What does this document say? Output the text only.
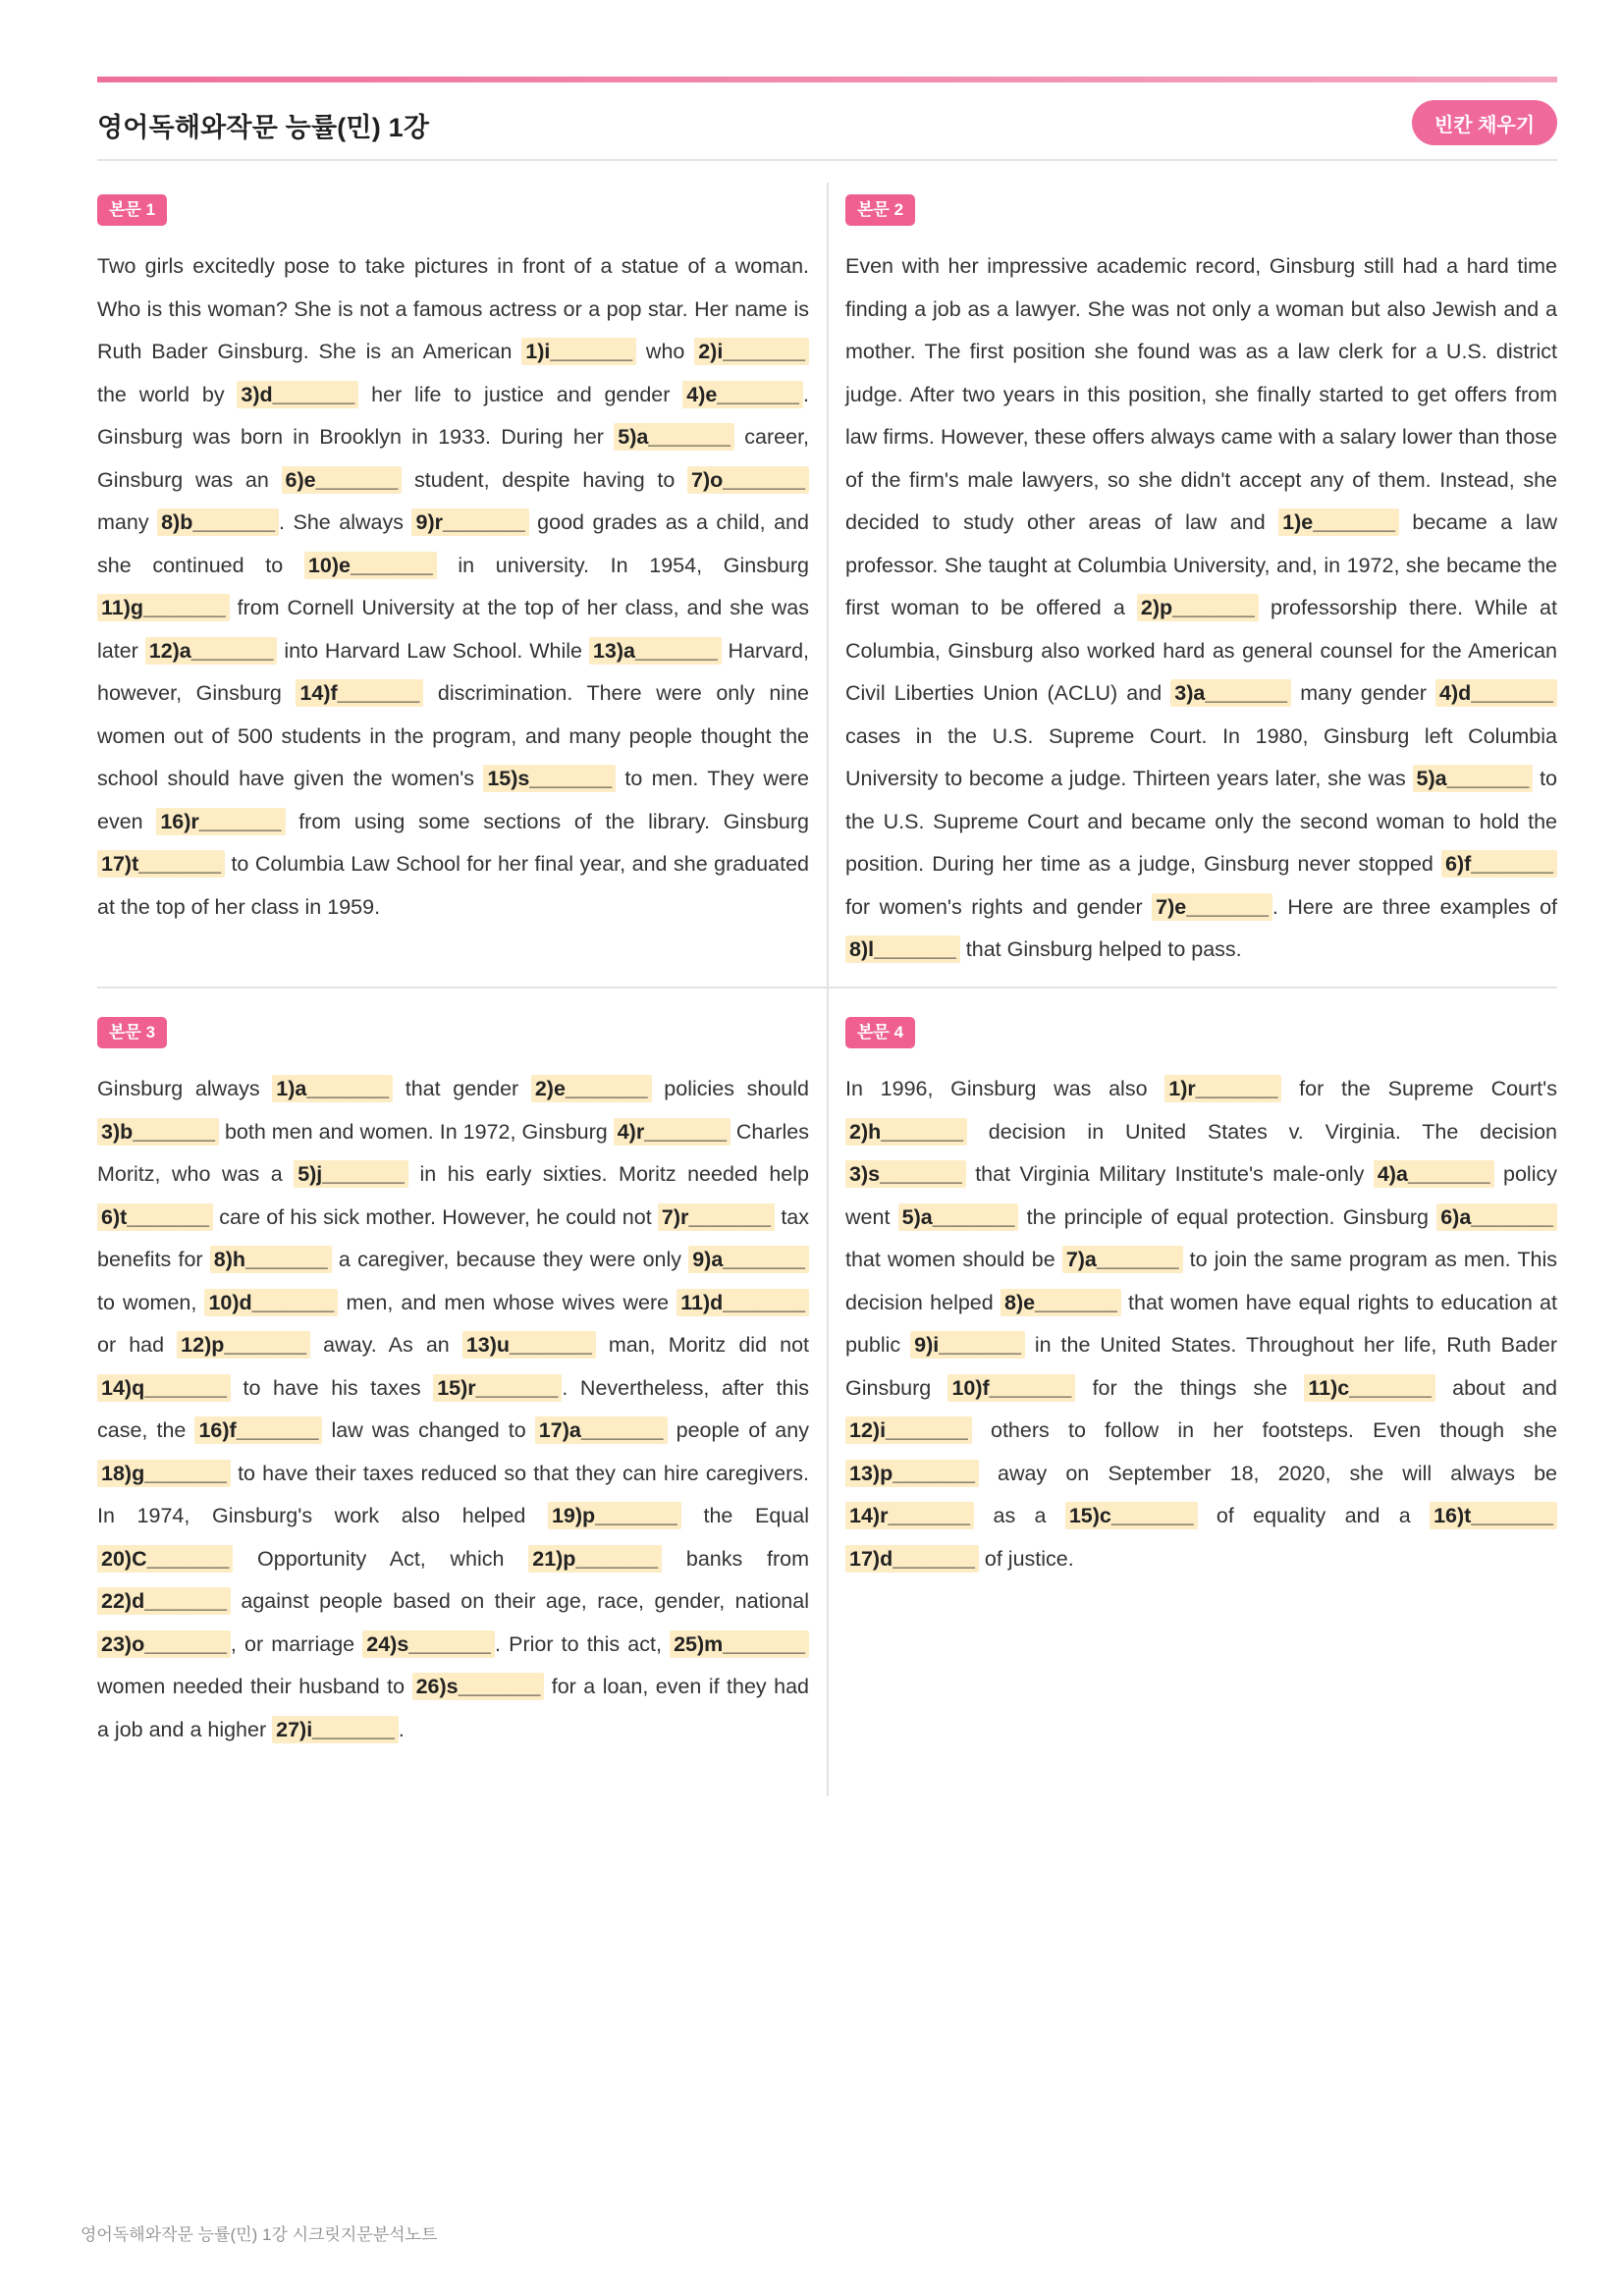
영어독해와작문 능률(민) 1강	빈칸 채우기
본문 1
Two girls excitedly pose to take pictures in front of a statue of a woman. Who is this woman? She is not a famous actress or a pop star. Her name is Ruth Bader Ginsburg. She is an American 1)i_______ who 2)i_______ the world by 3)d_______ her life to justice and gender 4)e_______ . Ginsburg was born in Brooklyn in 1933. During her 5)a_______ career, Ginsburg was an 6)e_______ student, despite having to 7)o_______ many 8)b_______ . She always 9)r_______ good grades as a child, and she continued to 10)e_______ in university. In 1954, Ginsburg 11)g_______ from Cornell University at the top of her class, and she was later 12)a_______ into Harvard Law School. While 13)a_______ Harvard, however, Ginsburg 14)f_______ discrimination. There were only nine women out of 500 students in the program, and many people thought the school should have given the women's 15)s_______ to men. They were even 16)r_______ from using some sections of the library. Ginsburg 17)t_______ to Columbia Law School for her final year, and she graduated at the top of her class in 1959.
본문 2
Even with her impressive academic record, Ginsburg still had a hard time finding a job as a lawyer. She was not only a woman but also Jewish and a mother. The first position she found was as a law clerk for a U.S. district judge. After two years in this position, she finally started to get offers from law firms. However, these offers always came with a salary lower than those of the firm's male lawyers, so she didn't accept any of them. Instead, she decided to study other areas of law and 1)e_______ became a law professor. She taught at Columbia University, and, in 1972, she became the first woman to be offered a 2)p_______ professorship there. While at Columbia, Ginsburg also worked hard as general counsel for the American Civil Liberties Union (ACLU) and 3)a_______ many gender 4)d_______ cases in the U.S. Supreme Court. In 1980, Ginsburg left Columbia University to become a judge. Thirteen years later, she was 5)a_______ to the U.S. Supreme Court and became only the second woman to hold the position. During her time as a judge, Ginsburg never stopped 6)f_______ for women's rights and gender 7)e_______ . Here are three examples of 8)l_______ that Ginsburg helped to pass.
본문 3
Ginsburg always 1)a_______ that gender 2)e_______ policies should 3)b_______ both men and women. In 1972, Ginsburg 4)r_______ Charles Moritz, who was a 5)j_______ in his early sixties. Moritz needed help 6)t_______ care of his sick mother. However, he could not 7)r_______ tax benefits for 8)h_______ a caregiver, because they were only 9)a_______ to women, 10)d_______ men, and men whose wives were 11)d_______ or had 12)p_______ away. As an 13)u_______ man, Moritz did not 14)q_______ to have his taxes 15)r_______ . Nevertheless, after this case, the 16)f_______ law was changed to 17)a_______ people of any 18)g_______ to have their taxes reduced so that they can hire caregivers. In 1974, Ginsburg's work also helped 19)p_______ the Equal 20)C_______ Opportunity Act, which 21)p_______ banks from 22)d_______ against people based on their age, race, gender, national 23)o_______ , or marriage 24)s_______ . Prior to this act, 25)m_______ women needed their husband to 26)s_______ for a loan, even if they had a job and a higher 27)i_______ .
본문 4
In 1996, Ginsburg was also 1)r_______ for the Supreme Court's 2)h_______ decision in United States v. Virginia. The decision 3)s_______ that Virginia Military Institute's male-only 4)a_______ policy went 5)a_______ the principle of equal protection. Ginsburg 6)a_______ that women should be 7)a_______ to join the same program as men. This decision helped 8)e_______ that women have equal rights to education at public 9)i_______ in the United States. Throughout her life, Ruth Bader Ginsburg 10)f_______ for the things she 11)c_______ about and 12)i_______ others to follow in her footsteps. Even though she 13)p_______ away on September 18, 2020, she will always be 14)r_______ as a 15)c_______ of equality and a 16)t_______ 17)d_______ of justice.
영어독해와작문 능률(민) 1강 시크릿지문분석노트
